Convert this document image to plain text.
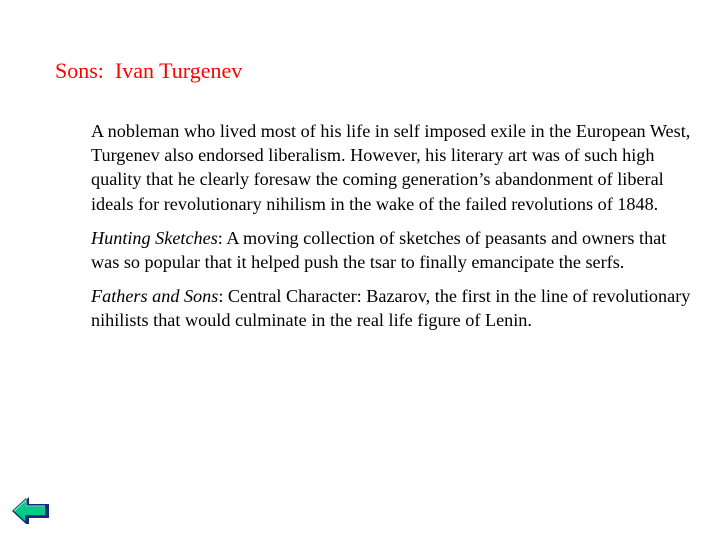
Sons:  Ivan Turgenev

A nobleman who lived most of his life in self imposed exile in the European West, Turgenev also endorsed liberalism. However, his literary art was of such high quality that he clearly foresaw the coming generation’s abandonment of liberal ideals for revolutionary nihilism in the wake of the failed revolutions of 1848.

Hunting Sketches: A moving collection of sketches of peasants and owners that was so popular that it helped push the tsar to finally emancipate the serfs.

Fathers and Sons: Central Character: Bazarov, the first in the line of revolutionary nihilists that would culminate in the real life figure of Lenin.
